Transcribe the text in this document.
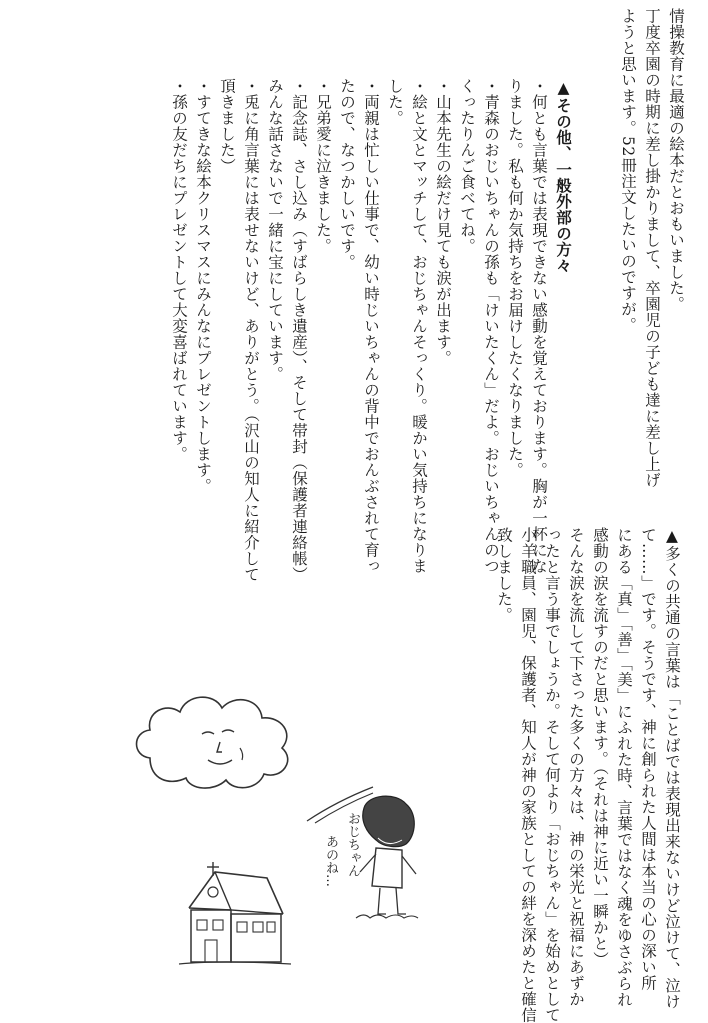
情操教育に最適の絵本だとおもいました。

丁度卒園の時期に差し掛かりまして、卒園児の子ども達に差し上げ

ようと思います。52冊注文したいのですが。

▲その他、一般外部の方々

・何とも言葉では表現できない感動を覚えております。胸が一杯にな

りました。私も何か気持ちをお届けしたくなりました。

・青森のおじいちゃんの孫も「けいたくん」だよ。おじいちゃんのつ

くったりんご食べてね。

・山本先生の絵だけ見ても涙が出ます。

・絵と文とマッチして、おじちゃんそっくり。暖かい気持ちになりま

した。

・両親は忙しい仕事で、幼い時じいちゃんの背中でおんぶされて育っ

たので、なつかしいです。

・兄弟愛に泣きました。

・記念誌、さし込み（すばらしき遺産）、そして帯封（保護者連絡帳）

みんな話さないで一緒に宝にしています。

・兎に角言葉には表せないけど、ありがとう。（沢山の知人に紹介して

頂きました）

・すてきな絵本クリスマスにみんなにプレゼントします。

・孫の友だちにプレゼントして大変喜ばれています。

▲多くの共通の言葉は「ことばでは表現出来ないけど泣けて、泣け

て……」です。そうです、神に創られた人間は本当の心の深い所

にある「真」「善」「美」にふれた時、言葉ではなく魂をゆさぶられ

感動の涙を流すのだと思います。（それは神に近い一瞬かと）

そんな涙を流して下さった多くの方々は、神の栄光と祝福にあずか

ったと言う事でしょうか。そして何より「おじちゃん」を始めとして

小羊職員、園児、保護者、知人が神の家族としての絆を深めたと確信

致しました。

おじちゃん
あのね…
